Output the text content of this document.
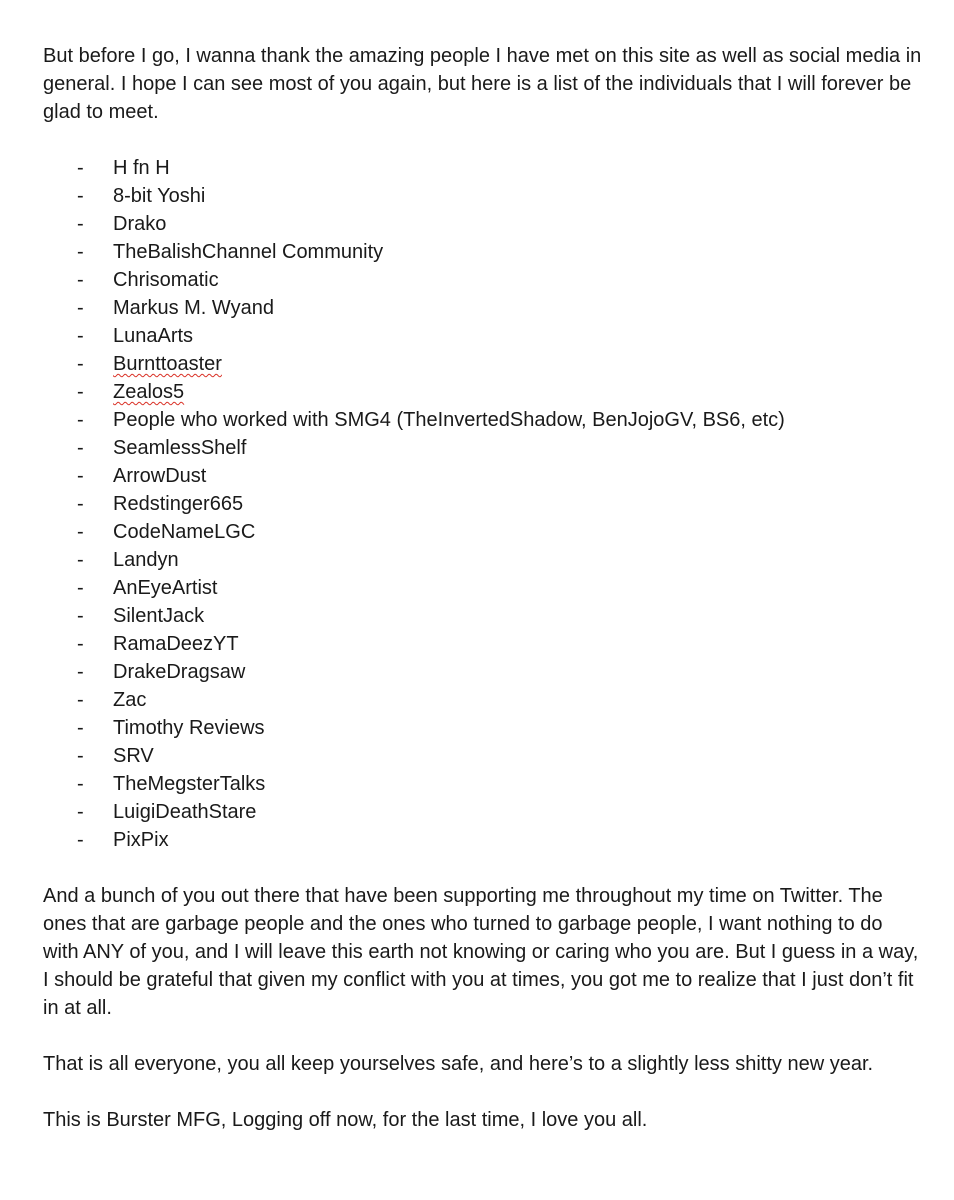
But before I go, I wanna thank the amazing people I have met on this site as well as social media in general. I hope I can see most of you again, but here is a list of the individuals that I will forever be glad to meet.

- H fn H
- 8-bit Yoshi
- Drako
- TheBalishChannel Community
- Chrisomatic
- Markus M. Wyand
- LunaArts
- Burnttoaster
- Zealos5
- People who worked with SMG4 (TheInvertedShadow, BenJojoGV, BS6, etc)
- SeamlessShelf
- ArrowDust
- Redstinger665
- CodeNameLGC
- Landyn
- AnEyeArtist
- SilentJack
- RamaDeezYT
- DrakeDragsaw
- Zac
- Timothy Reviews
- SRV
- TheMegsterTalks
- LuigiDeathStare
- PixPix

And a bunch of you out there that have been supporting me throughout my time on Twitter. The ones that are garbage people and the ones who turned to garbage people, I want nothing to do with ANY of you, and I will leave this earth not knowing or caring who you are. But I guess in a way, I should be grateful that given my conflict with you at times, you got me to realize that I just don’t fit in at all.

That is all everyone, you all keep yourselves safe, and here’s to a slightly less shitty new year.

This is Burster MFG, Logging off now, for the last time, I love you all.
